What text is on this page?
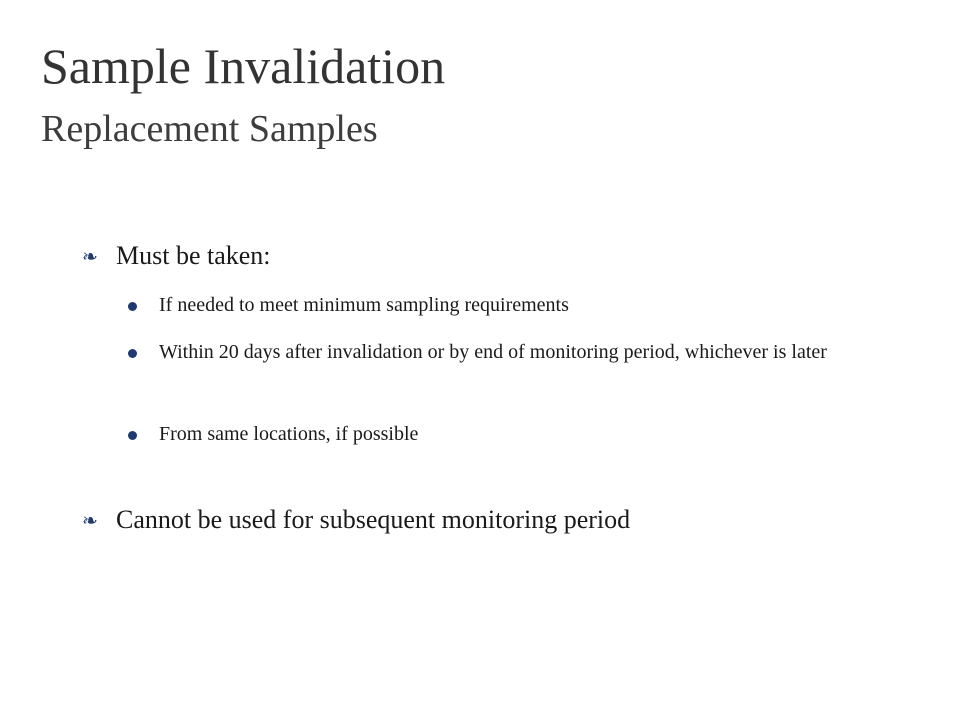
Sample Invalidation
Replacement Samples
❧ Must be taken:
If needed to meet minimum sampling requirements
Within 20 days after invalidation or by end of monitoring period, whichever is later
From same locations, if possible
❧ Cannot be used for subsequent monitoring period
